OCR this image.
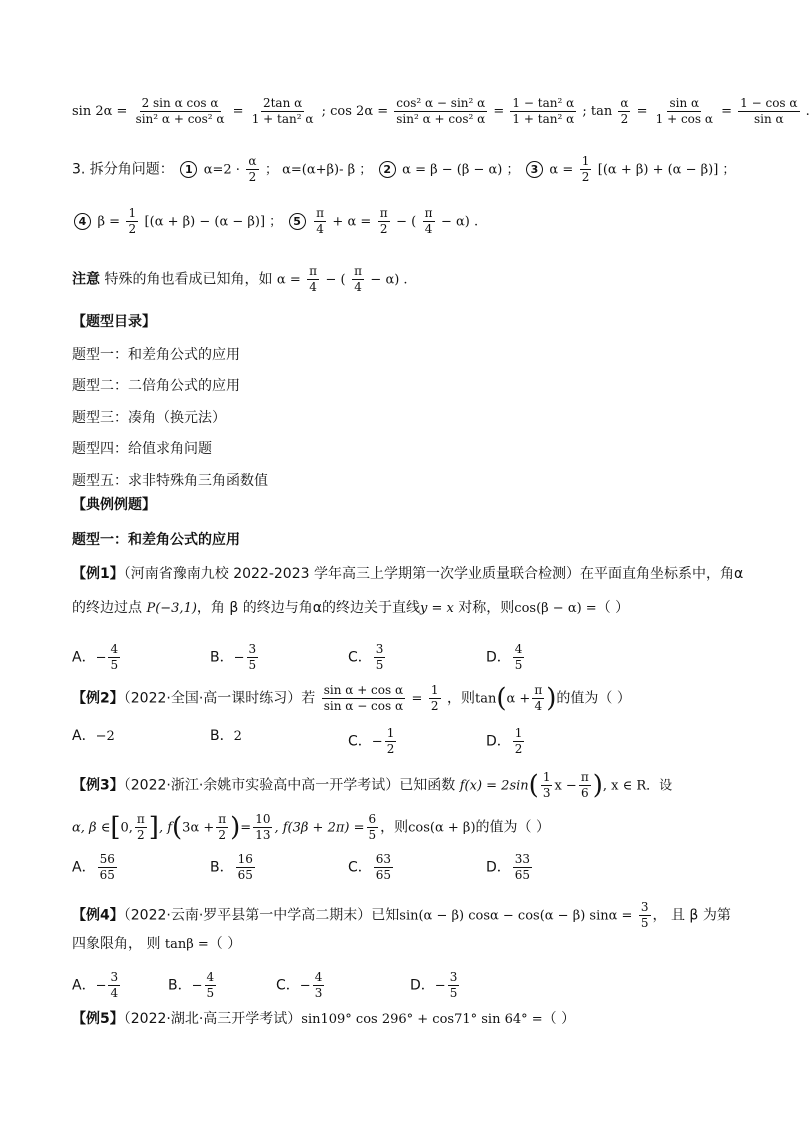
$\sin 2\alpha = \frac{\text{2 sin α cos α}}{\text{sin² α + cos² α}} = \frac{\text{2tan α}}{\text{1 + tan² α}}$ ; $\cos 2\alpha = \frac{\text{cos² α − sin² α}}{\text{sin² α + cos² α}} = \frac{\text{1 − tan² α}}{\text{1 + tan² α}}$ ; $\tan \frac{\alpha}{2} = \frac{\text{sin α}}{\text{1 + cos α}} = \frac{\text{1 − cos α}}{\text{sin α}}$ .
3. 拆分角问题： 1 $\alpha=2 \cdot \frac{\alpha}{2}$ ； α=(α+β)- β ； 2 α = β − (β − α) ； 3 $\alpha = \frac{1}{2} [(\alpha + \beta) + (\alpha - \beta)]$ ；
4 $\beta = \frac{1}{2} [(\alpha + \beta) - (\alpha - \beta)]$ ； $5 \frac{\pi}{4} + \alpha = \frac{\pi}{2}$ − ( $\frac{\pi}{4} - \alpha$) .
注意 特殊的角也看成已知角，如 $\alpha = \frac{\pi}{4}$ − ( $\frac{\pi}{4} - \alpha$) .
【题型目录】
题型一：和差角公式的应用
题型二：二倍角公式的应用
题型三：凑角（换元法）
题型四：给值求角问题
题型五：求非特殊角三角函数值
【典例例题】
题型一：和差角公式的应用
【例1】（河南省豫南九校 2022-2023 学年高三上学期第一次学业质量联合检测）在平面直角坐标系中，角α
的终边过点 P(−3,1)，角 β 的终边与角α的终边关于直线y = x 对称，则cos(β − α) =（ ）
A．− $\frac{4}{5}$	B．− $\frac{3}{5}$	C． $\frac{3}{5}$	D． $\frac{4}{5}$
【例2】（2022·全国·高一课时练习）若 $\frac{\text{sin α + cos α}}{\text{sin α − cos α}} = \frac{1}{2}$ ，则$\tan(\alpha + \frac{\pi}{4}$ )的值为（ ）
A．−2	B．2	C．− $\frac{1}{2}$	D． $\frac{1}{2}$
【例3】（2022·浙江·余姚市实验高中高一开学考试）已知函数 $f(x) = 2\sin( \frac{1}{3}$ $x - \frac{\pi}{6}$ ), x ∈ R．设
α, β ∈[0, $\frac{\pi}{2}$ ], $f(3\alpha + \frac{\pi}{2}$ )= $\frac{10}{13}$ , $f(3\beta + 2\pi) = \frac{6}{5}$ ，则cos(α + β)的值为（ ）
A． $\frac{56}{65}$	B． $\frac{16}{65}$	C． $\frac{63}{65}$	D． $\frac{33}{65}$
【例4】（2022·云南·罗平县第一中学高二期末）已知sin(α − β) cosα − cos(α − β) $\sin\alpha = \frac{3}{5}$ ， 且 β 为第
四象限角， 则 tanβ =（ ）
A．− $\frac{3}{4}$	B．− $\frac{4}{5}$	C．− $\frac{4}{3}$	D．− $\frac{3}{5}$
【例5】（2022·湖北·高三开学考试）sin109° cos 296° + cos71° sin 64° =（ ）
